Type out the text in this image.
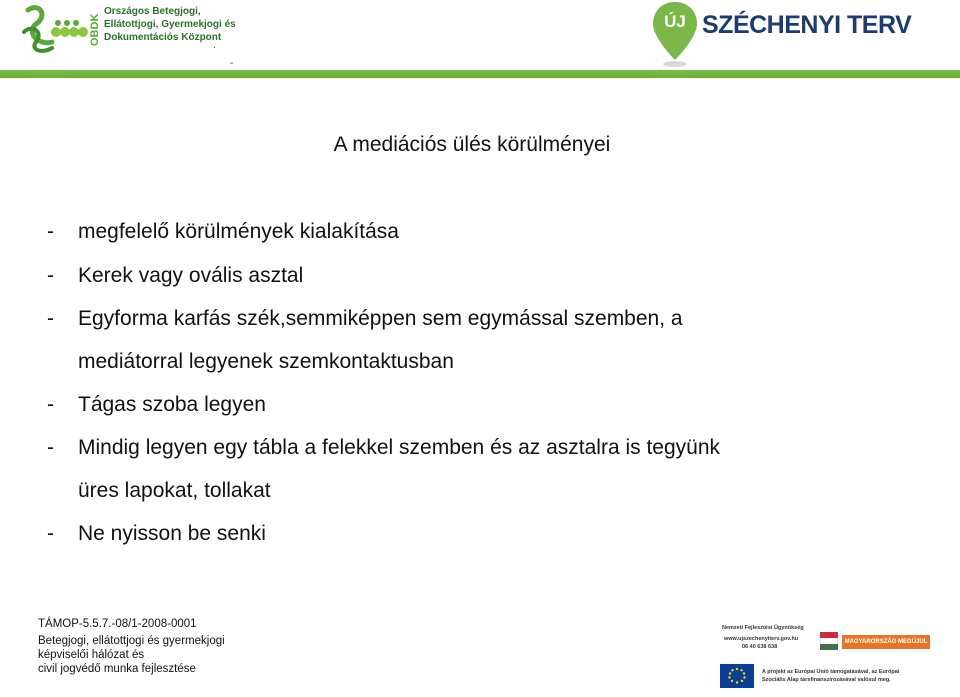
OBDK
Országos Betegjogi,
Ellátottjogi, Gyermekjogi és
Dokumentációs Központ
.
-
ÚJ SZÉCHENYI TERV
A mediációs ülés körülményei
- megfelelő körülmények kialakítása
- Kerek vagy ovális asztal
- Egyforma karfás szék,semmiképpen sem egymással szemben, a
mediátorral legyenek szemkontaktusban
- Tágas szoba legyen
- Mindig legyen egy tábla a felekkel szemben és az asztalra is tegyünk
üres lapokat, tollakat
- Ne nyisson be senki
TÁMOP-5.5.7.-08/1-2008-0001
Betegjogi, ellátottjogi és gyermekjogi
képviselői hálózat és
civil jogvédő munka fejlesztése
Nemzeti Fejlesztési Ügynökség
www.ujszechenyiterv.gov.hu
06 40 638 638
MAGYARORSZÁG MEGÚJUL
A projekt az Európai Unió támogatásával, az Európai
Szociális Alap társfinanszírozásával valósul meg.
